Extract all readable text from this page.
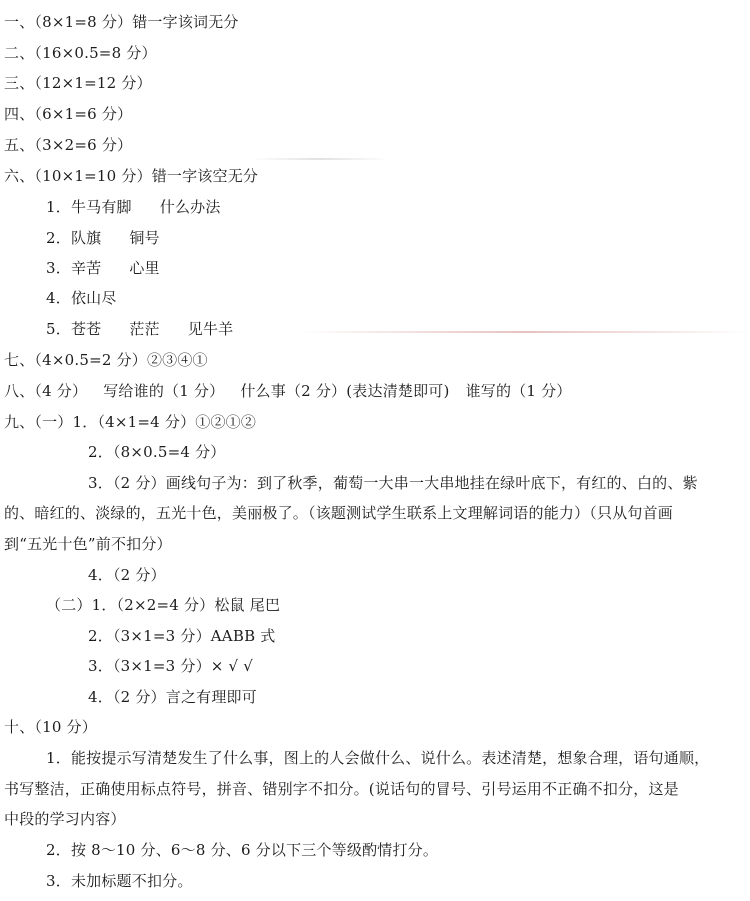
一、（8×1=8 分）错一字该词无分
二、（16×0.5=8 分）
三、（12×1=12 分）
四、（6×1=6 分）
五、（3×2=6 分）
六、（10×1=10 分）错一字该空无分
1．牛马有脚 什么办法
2．队旗 铜号
3．辛苦 心里
4．依山尽
5．苍苍 茫茫 见牛羊
七、（4×0.5=2 分）②③④①
八、（4 分） 写给谁的（1 分） 什么事（2 分）(表达清楚即可) 谁写的（1 分）
九、（一）1．（4×1=4 分）①②①②
2．（8×0.5=4 分）
3．（2 分）画线句子为：到了秋季，葡萄一大串一大串地挂在绿叶底下，有红的、白的、紫
的、暗红的、淡绿的，五光十色，美丽极了。（该题测试学生联系上文理解词语的能力）（只从句首画
到“五光十色”前不扣分）
4．（2 分）
（二）1．（2×2=4 分）松鼠 尾巴
2．（3×1=3 分）AABB 式
3．（3×1=3 分）× √ √
4．（2 分）言之有理即可
十、（10 分）
1．能按提示写清楚发生了什么事，图上的人会做什么、说什么。表述清楚，想象合理，语句通顺，
书写整洁，正确使用标点符号，拼音、错别字不扣分。(说话句的冒号、引号运用不正确不扣分，这是
中段的学习内容）
2．按 8～10 分、6～8 分、6 分以下三个等级酌情打分。
3．未加标题不扣分。
